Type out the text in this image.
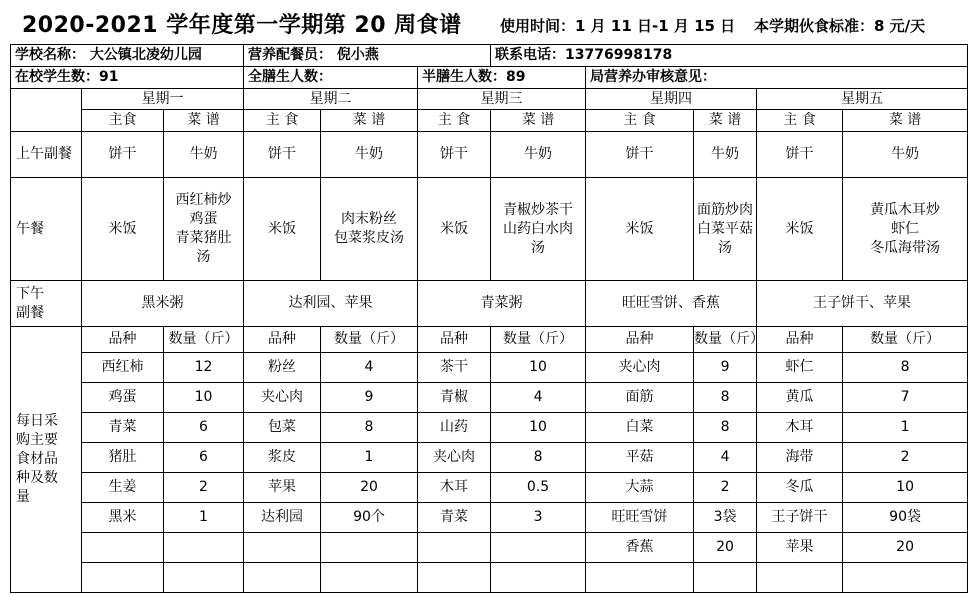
2020-2021 学年度第一学期第 20 周食谱	使用时间：1 月 11 日-1 月 15 日 本学期伙食标准：8 元/天
学校名称： 大公镇北凌幼儿园			营养配餐员： 倪小燕			联系电话：13776998178				
在校学生数：91			全膳生人数：		半膳生人数：89		局营养办审核意见：			
	星期一		星期二		星期三		星期四		星期五	
	主食	菜 谱	主 食	菜 谱	主 食	菜 谱	主 食	菜 谱	主 食	菜 谱
上午副餐	饼干	牛奶	饼干	牛奶	饼干	牛奶	饼干	牛奶	饼干	牛奶
午餐	米饭	西红柿炒
鸡蛋
青菜猪肚
汤	米饭	肉末粉丝
包菜浆皮汤	米饭	青椒炒茶干
山药白水肉
汤	米饭	面筋炒肉
白菜平菇
汤	米饭	黄瓜木耳炒
虾仁
冬瓜海带汤

下午
副餐	黑米粥		达利园、苹果		青菜粥		旺旺雪饼、香蕉		王子饼干、苹果	

每日采
购主要
食材品
种及数
量	品种	数量（斤）	品种	数量（斤）	品种	数量（斤）	品种	数量（斤）	品种	数量（斤）
	西红柿	12	粉丝	4	茶干	10	夹心肉	9	虾仁	8
	鸡蛋	10	夹心肉	9	青椒	4	面筋	8	黄瓜	7
	青菜	6	包菜	8	山药	10	白菜	8	木耳	1
	猪肚	6	浆皮	1	夹心肉	8	平菇	4	海带	2
	生姜	2	苹果	20	木耳	0.5	大蒜	2	冬瓜	10
	黑米	1	达利园	90个	青菜	3	旺旺雪饼	3袋	王子饼干	90袋
							香蕉	20	苹果	20
